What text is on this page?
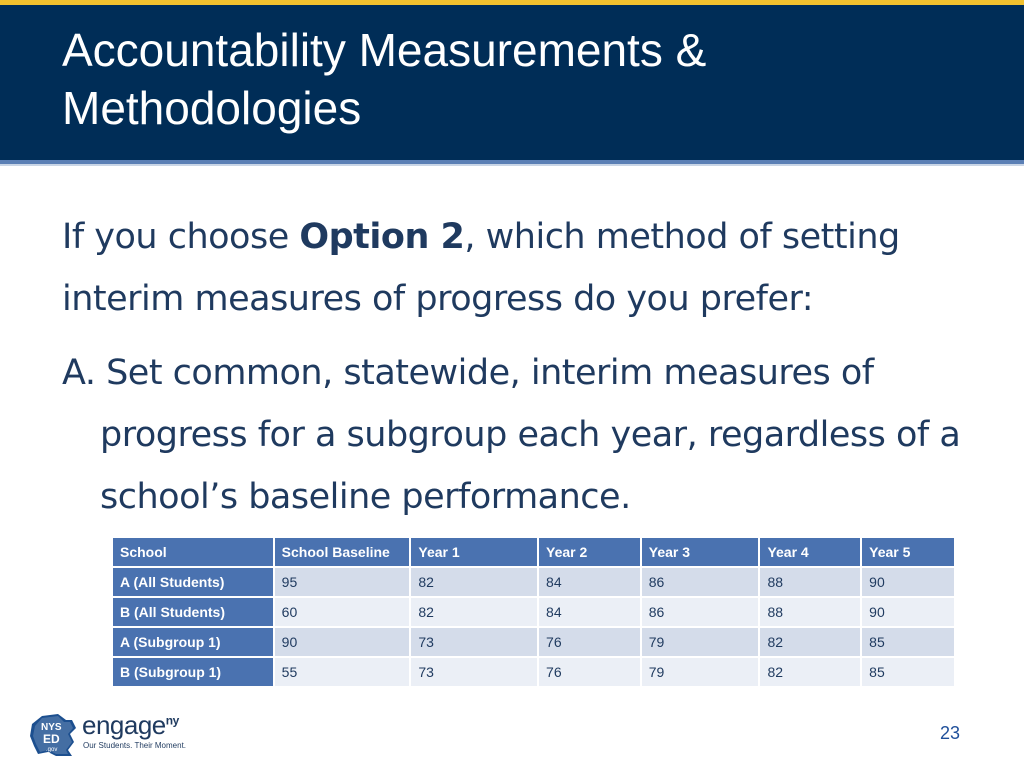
Accountability Measurements & Methodologies

If you choose Option 2, which method of setting interim measures of progress do you prefer:

A. Set common, statewide, interim measures of progress for a subgroup each year, regardless of a school’s baseline performance.

School	School Baseline	Year 1	Year 2	Year 3	Year 4	Year 5
A (All Students)	95	82	84	86	88	90
B (All Students)	60	82	84	86	88	90
A (Subgroup 1)	90	73	76	79	82	85
B (Subgroup 1)	55	73	76	79	82	85
NYS
ED
.gov
engage$^{ny}$
Our Students. Their Moment.
23
